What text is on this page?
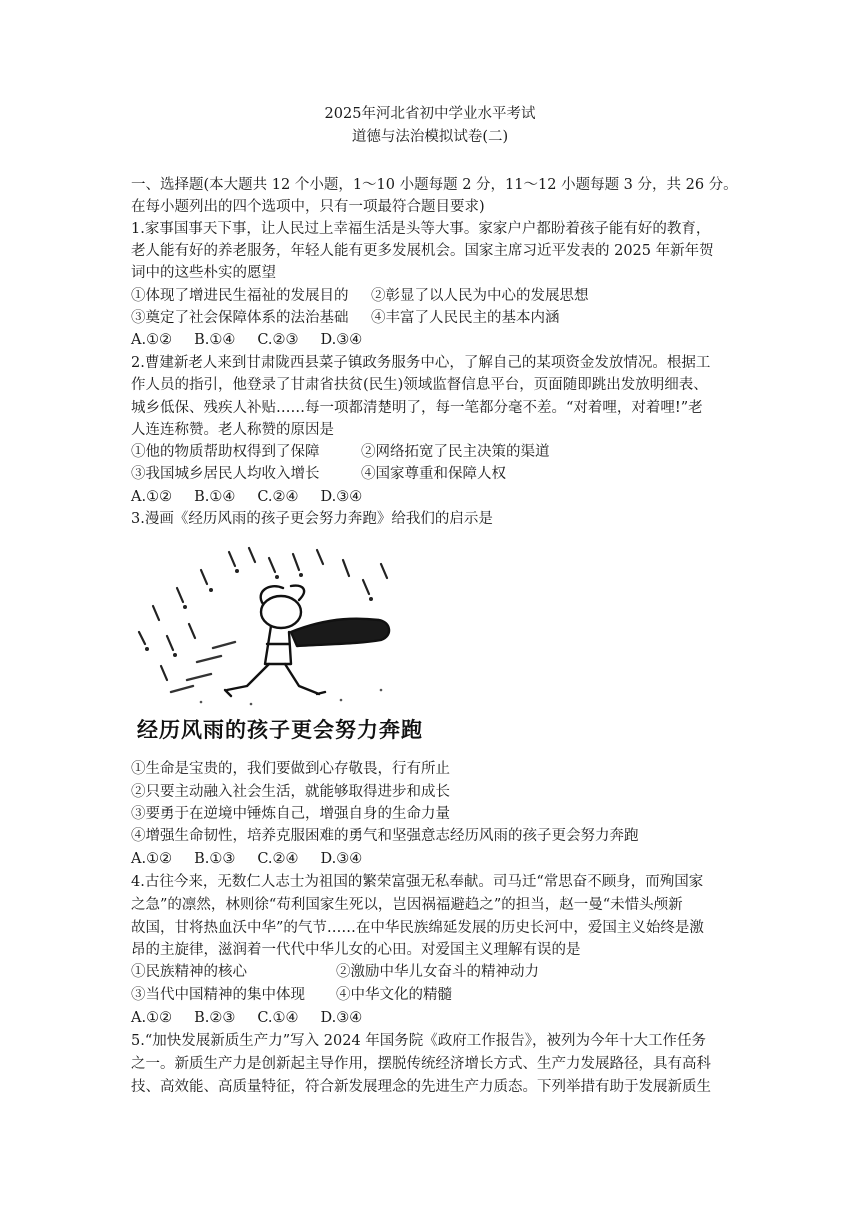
2025年河北省初中学业水平考试
道德与法治模拟试卷(二)
一、选择题(本大题共 12 个小题，1～10 小题每题 2 分，11～12 小题每题 3 分，共 26 分。
在每小题列出的四个选项中，只有一项最符合题目要求)
1.家事国事天下事，让人民过上幸福生活是头等大事。家家户户都盼着孩子能有好的教育，
老人能有好的养老服务，年轻人能有更多发展机会。国家主席习近平发表的 2025 年新年贺
词中的这些朴实的愿望
①体现了增进民生福祉的发展目的 ②彰显了以人民为中心的发展思想
③奠定了社会保障体系的法治基础 ④丰富了人民民主的基本内涵
A.①② B.①④ C.②③ D.③④
2.曹建新老人来到甘肃陇西县菜子镇政务服务中心，了解自己的某项资金发放情况。根据工
作人员的指引，他登录了甘肃省扶贫(民生)领域监督信息平台，页面随即跳出发放明细表、
城乡低保、残疾人补贴……每一项都清楚明了，每一笔都分毫不差。“对着哩，对着哩!”老
人连连称赞。老人称赞的原因是
①他的物质帮助权得到了保障	②网络拓宽了民主决策的渠道
③我国城乡居民人均收入增长	④国家尊重和保障人权
A.①② B.①④ C.②④ D.③④
3.漫画《经历风雨的孩子更会努力奔跑》给我们的启示是
经历风雨的孩子更会努力奔跑
①生命是宝贵的，我们要做到心存敬畏，行有所止
②只要主动融入社会生活，就能够取得进步和成长
③要勇于在逆境中锤炼自己，增强自身的生命力量
④增强生命韧性，培养克服困难的勇气和坚强意志经历风雨的孩子更会努力奔跑
A.①② B.①③ C.②④ D.③④
4.古往今来，无数仁人志士为祖国的繁荣富强无私奉献。司马迁“常思奋不顾身，而殉国家
之急”的凛然，林则徐“苟利国家生死以，岂因祸福避趋之”的担当，赵一曼“未惜头颅新
故国，甘将热血沃中华”的气节……在中华民族绵延发展的历史长河中，爱国主义始终是激
昂的主旋律，滋润着一代代中华儿女的心田。对爱国主义理解有误的是
①民族精神的核心	②激励中华儿女奋斗的精神动力
③当代中国精神的集中体现 ④中华文化的精髓
A.①② B.②③ C.①④ D.③④
5.“加快发展新质生产力”写入 2024 年国务院《政府工作报告》，被列为今年十大工作任务
之一。新质生产力是创新起主导作用，摆脱传统经济增长方式、生产力发展路径，具有高科
技、高效能、高质量特征，符合新发展理念的先进生产力质态。下列举措有助于发展新质生
